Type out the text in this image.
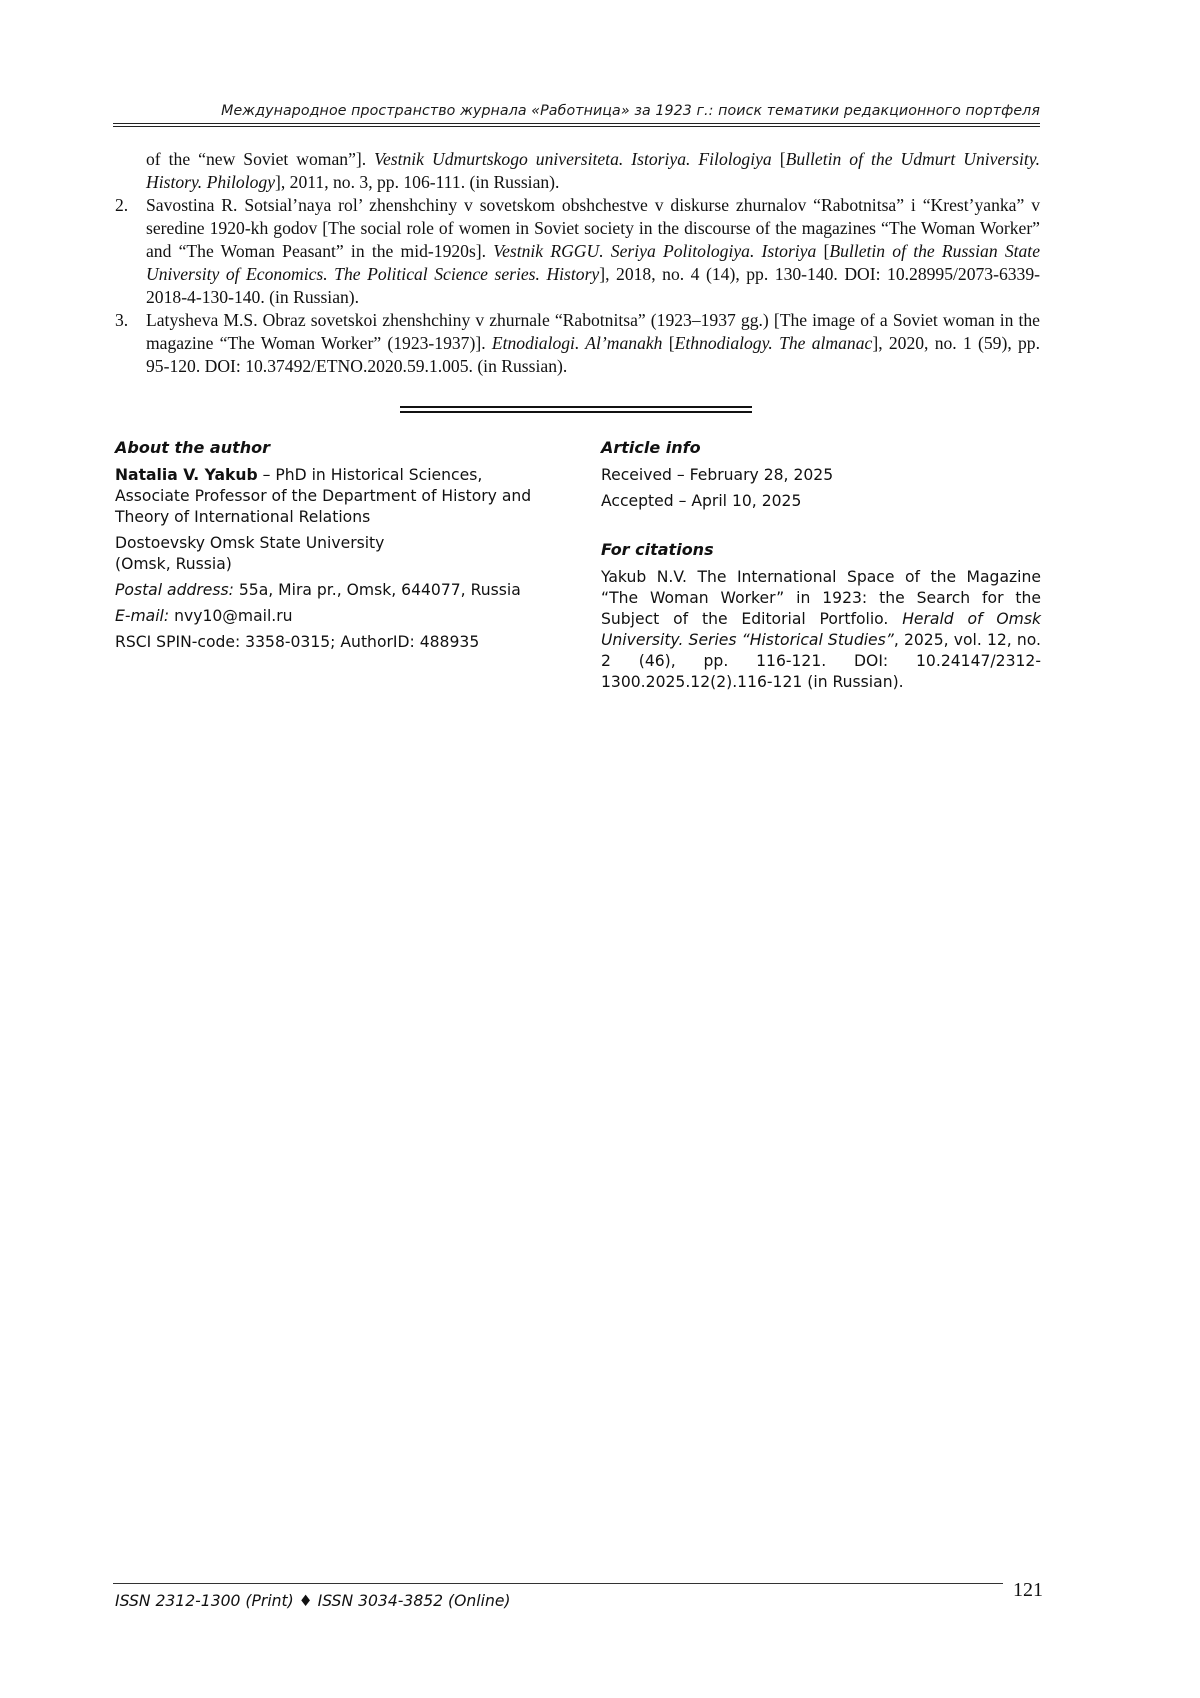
Международное пространство журнала «Работница» за 1923 г.: поиск тематики редакционного портфеля
of the “new Soviet woman”]. Vestnik Udmurtskogo universiteta. Istoriya. Filologiya [Bulletin of the Udmurt University. History. Philology], 2011, no. 3, pp. 106-111. (in Russian).
2. Savostina R. Sotsial’naya rol’ zhenshchiny v sovetskom obshchestve v diskurse zhurnalov “Rabotnitsa” i “Krest’yanka” v seredine 1920-kh godov [The social role of women in Soviet society in the discourse of the magazines “The Woman Worker” and “The Woman Peasant” in the mid-1920s]. Vestnik RGGU. Seriya Politologiya. Istoriya [Bulletin of the Russian State University of Economics. The Political Science series. History], 2018, no. 4 (14), pp. 130-140. DOI: 10.28995/2073-6339-2018-4-130-140. (in Russian).
3. Latysheva M.S. Obraz sovetskoi zhenshchiny v zhurnale “Rabotnitsa” (1923–1937 gg.) [The image of a Soviet woman in the magazine “The Woman Worker” (1923-1937)]. Etnodialogi. Al’manakh [Ethnodialogy. The almanac], 2020, no. 1 (59), pp. 95-120. DOI: 10.37492/ETNO.2020.59.1.005. (in Russian).
About the author

Natalia V. Yakub – PhD in Historical Sciences, Associate Professor of the Department of History and Theory of International Relations

Dostoevsky Omsk State University
(Omsk, Russia)

Postal address: 55a, Mira pr., Omsk, 644077, Russia

E-mail: nvy10@mail.ru

RSCI SPIN-code: 3358-0315; AuthorID: 488935

Article info

Received – February 28, 2025

Accepted – April 10, 2025

For citations

Yakub N.V. The International Space of the Magazine “The Woman Worker” in 1923: the Search for the Subject of the Editorial Portfolio. Herald of Omsk University. Series “Historical Studies”, 2025, vol. 12, no. 2 (46), pp. 116-121. DOI: 10.24147/2312-1300.2025.12(2).116-121 (in Russian).

ISSN 2312-1300 (Print) ♦ ISSN 3034-3852 (Online)	121
